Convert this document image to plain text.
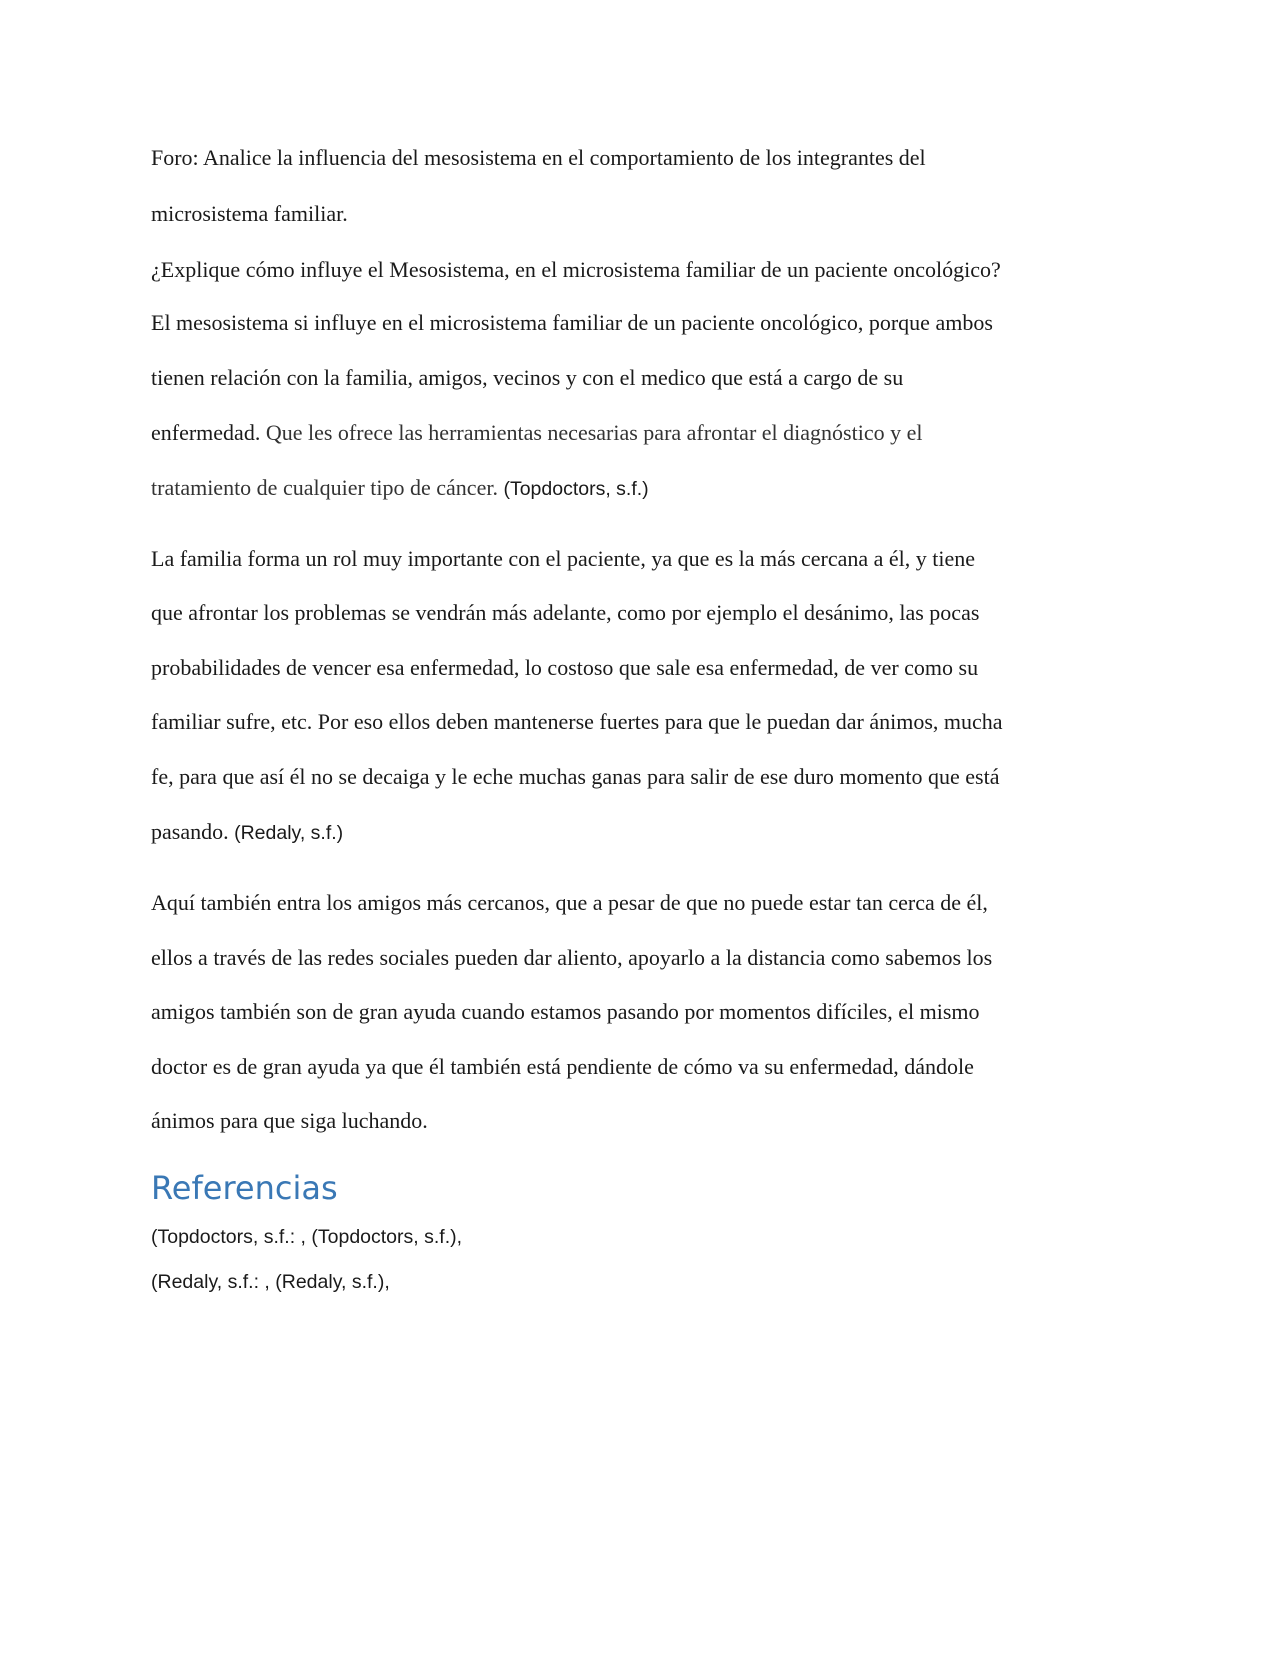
Foro: Analice la influencia del mesosistema en el comportamiento de los integrantes del
microsistema familiar.
¿Explique cómo influye el Mesosistema, en el microsistema familiar de un paciente oncológico?
El mesosistema si influye en el microsistema familiar de un paciente oncológico, porque ambos
tienen relación con la familia, amigos, vecinos y con el medico que está a cargo de su
enfermedad. Que les ofrece las herramientas necesarias para afrontar el diagnóstico y el
tratamiento de cualquier tipo de cáncer. (Topdoctors, s.f.)
La familia forma un rol muy importante con el paciente, ya que es la más cercana a él, y tiene
que afrontar los problemas se vendrán más adelante, como por ejemplo el desánimo, las pocas
probabilidades de vencer esa enfermedad, lo costoso que sale esa enfermedad, de ver como su
familiar sufre, etc. Por eso ellos deben mantenerse fuertes para que le puedan dar ánimos, mucha
fe, para que así él no se decaiga y le eche muchas ganas para salir de ese duro momento que está
pasando. (Redaly, s.f.)
Aquí también entra los amigos más cercanos, que a pesar de que no puede estar tan cerca de él,
ellos a través de las redes sociales pueden dar aliento, apoyarlo a la distancia como sabemos los
amigos también son de gran ayuda cuando estamos pasando por momentos difíciles, el mismo
doctor es de gran ayuda ya que él también está pendiente de cómo va su enfermedad, dándole
ánimos para que siga luchando.
Referencias
(Topdoctors, s.f.: , (Topdoctors, s.f.),
(Redaly, s.f.: , (Redaly, s.f.),
